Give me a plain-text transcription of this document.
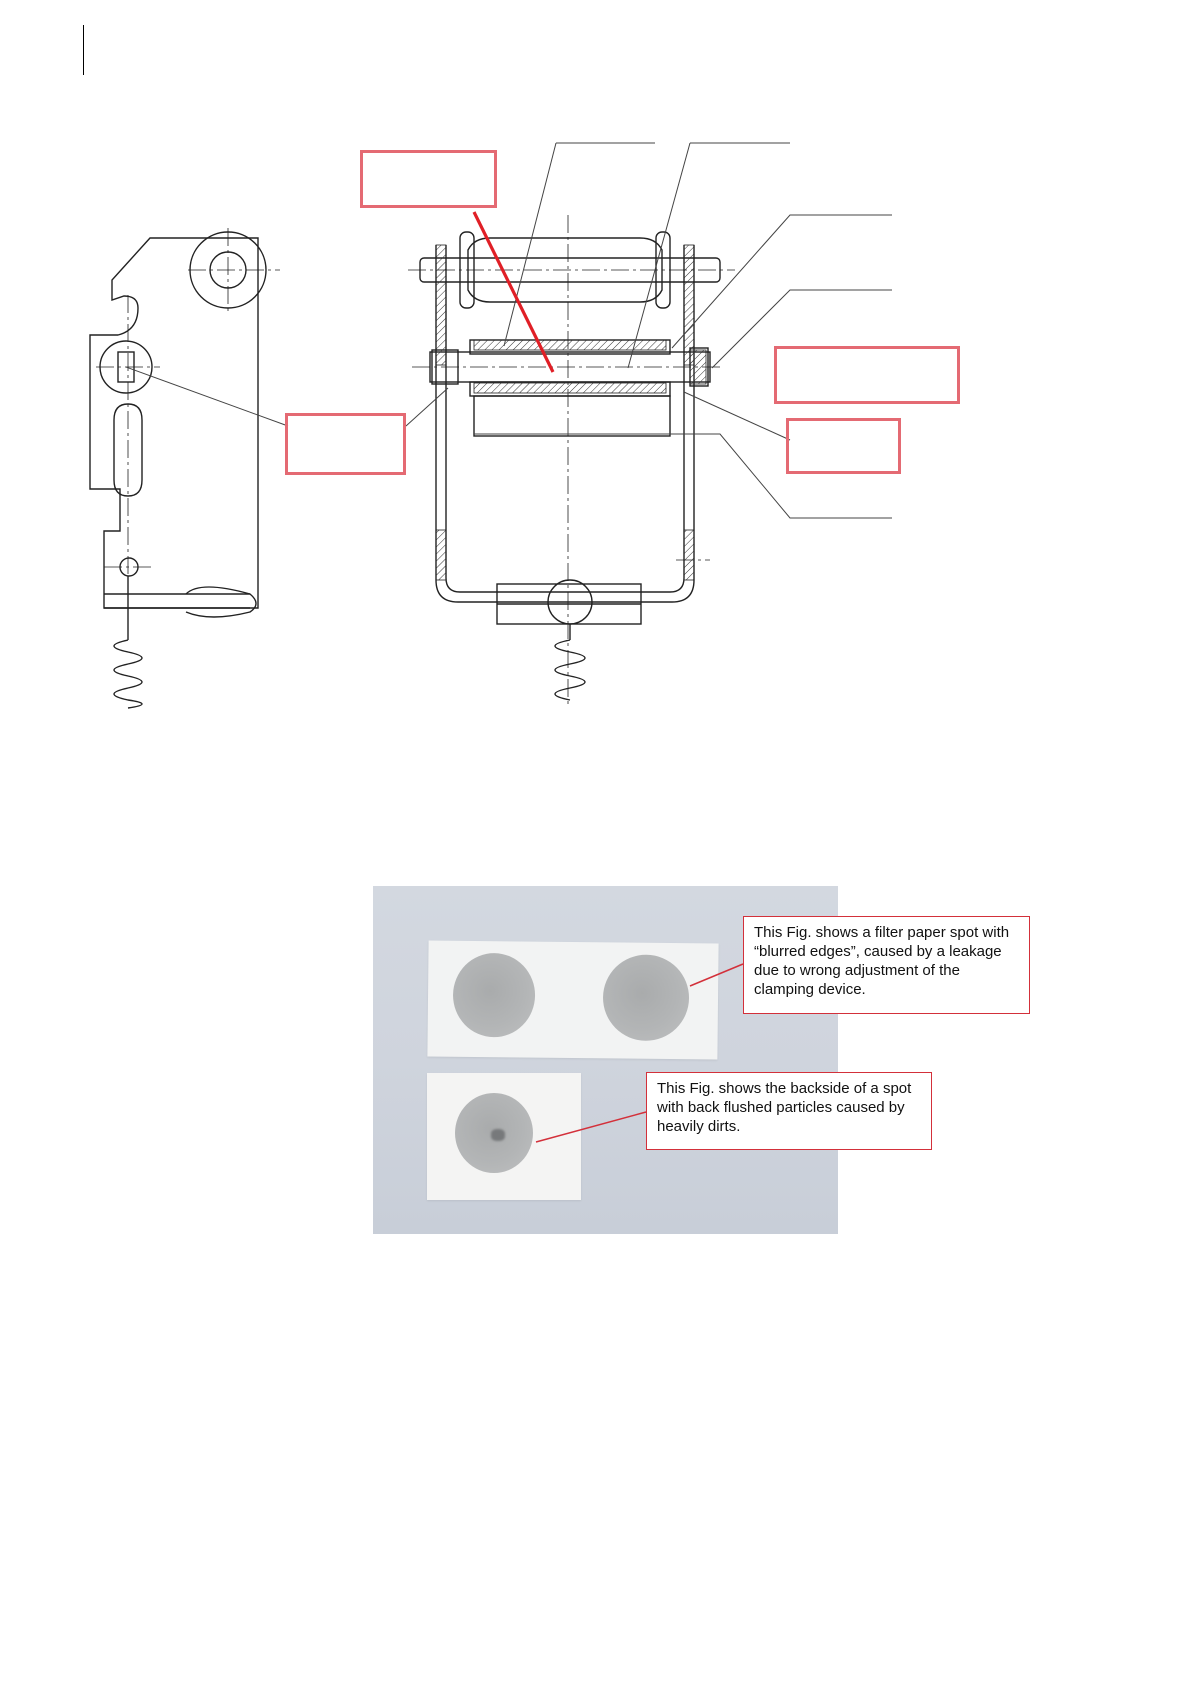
This Fig. shows a filter paper spot with “blurred edges”, caused by a leakage due to wrong adjustment of the clamping device.
This Fig. shows the backside of a spot with back flushed particles caused by heavily dirts.
